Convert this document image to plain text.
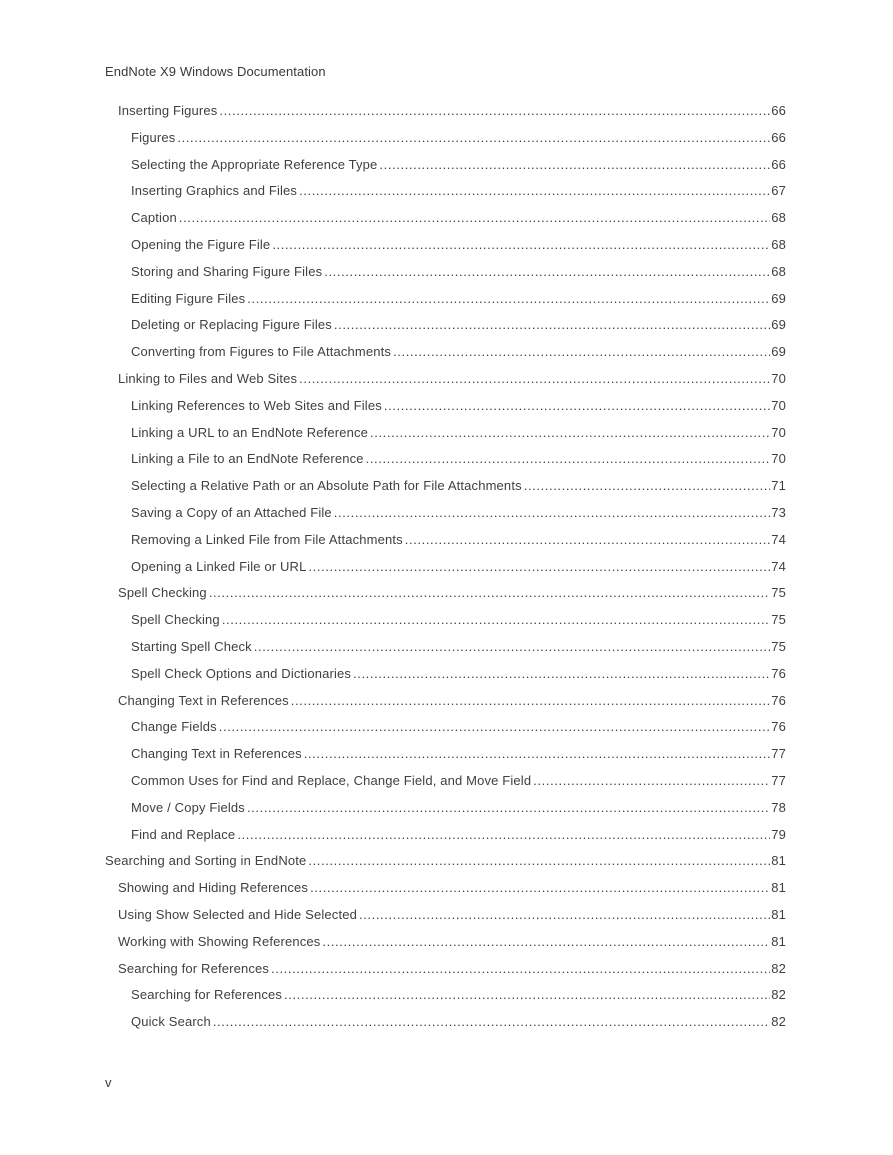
EndNote X9 Windows Documentation
Inserting Figures .....	66
Figures .....	66
Selecting the Appropriate Reference Type .....	66
Inserting Graphics and Files .....	67
Caption .....	68
Opening the Figure File .....	68
Storing and Sharing Figure Files .....	68
Editing Figure Files .....	69
Deleting or Replacing Figure Files .....	69
Converting from Figures to File Attachments .....	69
Linking to Files and Web Sites .....	70
Linking References to Web Sites and Files .....	70
Linking a URL to an EndNote Reference .....	70
Linking a File to an EndNote Reference .....	70
Selecting a Relative Path or an Absolute Path for File Attachments .....	71
Saving a Copy of an Attached File .....	73
Removing a Linked File from File Attachments .....	74
Opening a Linked File or URL .....	74
Spell Checking .....	75
Spell Checking .....	75
Starting Spell Check .....	75
Spell Check Options and Dictionaries .....	76
Changing Text in References .....	76
Change Fields .....	76
Changing Text in References .....	77
Common Uses for Find and Replace, Change Field, and Move Field .....	77
Move / Copy Fields .....	78
Find and Replace .....	79
Searching and Sorting in EndNote .....	81
Showing and Hiding References .....	81
Using Show Selected and Hide Selected .....	81
Working with Showing References .....	81
Searching for References .....	82
Searching for References .....	82
Quick Search .....	82
v
